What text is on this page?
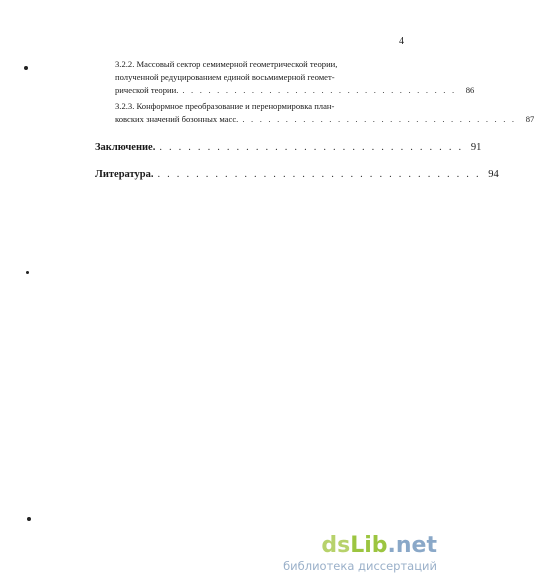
4
3.2.2. Массовый сектор семимерной геометрической теории,
полученной редуцированием единой восьмимерной геомет-
рической теории. . . . . . . . . . . . . . . . . . . . . . . . . . . . . . . . .	86
3.2.3. Конформное преобразование и перенормировка план-
ковских значений бозонных масс. . . . . . . . . . . . . . . . . . . . . . . . . . . . . . . . .	87
Заключение. . . . . . . . . . . . . . . . . . . . . . . . . . . . . . . . . 91
Литература. . . . . . . . . . . . . . . . . . . . . . . . . . . . . . . . . . . 94
dsLib.net
библиотека диссертаций
